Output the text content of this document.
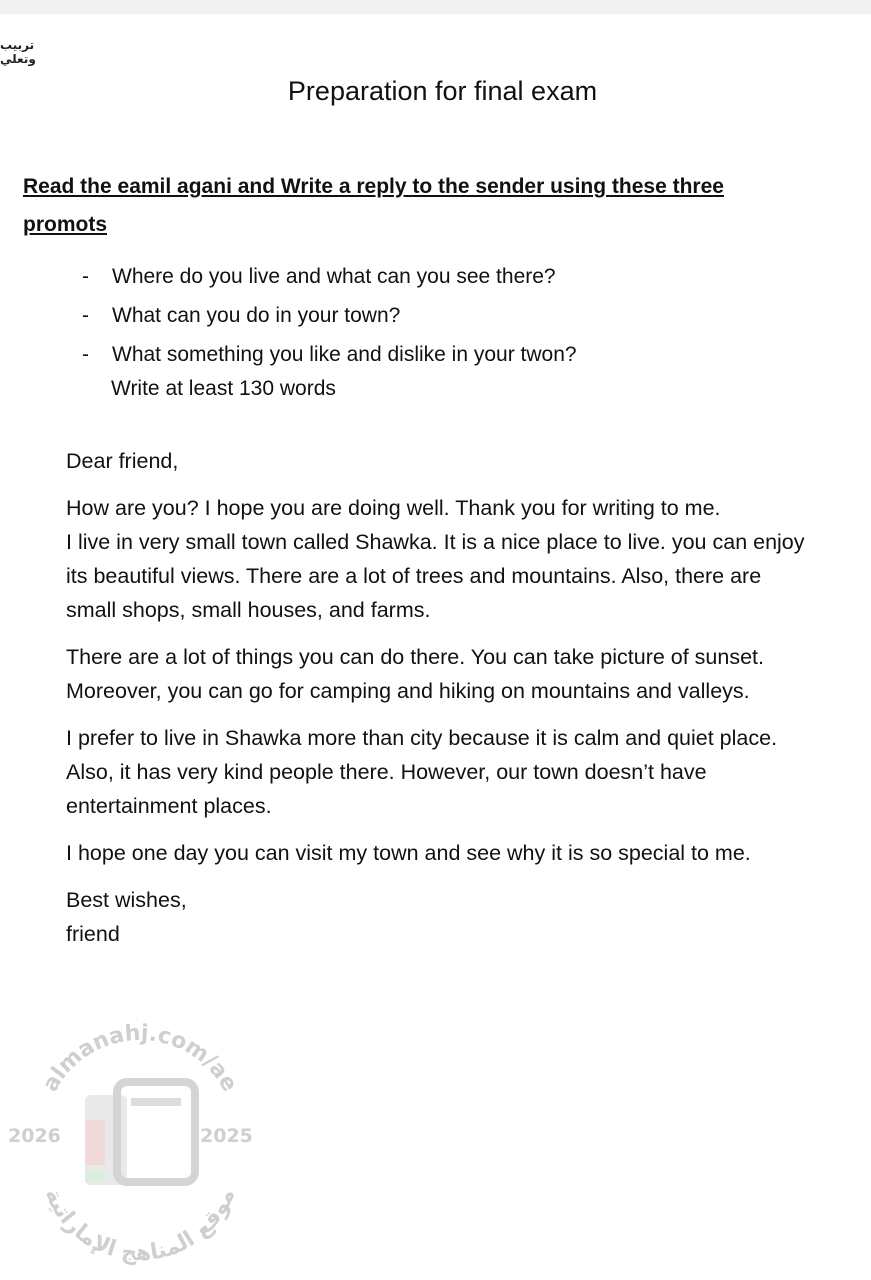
تربيب
وتعلي
Preparation for final exam

Read the eamil agani and Write a reply to the sender using these three promots

- Where do you live and what can you see there?
- What can you do in your town?
- What something you like and dislike in your twon?
Write at least 130 words

Dear friend,

How are you? I hope you are doing well. Thank you for writing to me.

I live in very small town called Shawka. It is a nice place to live. you can enjoy its beautiful views. There are a lot of trees and mountains. Also, there are small shops, small houses, and farms.

There are a lot of things you can do there. You can take picture of sunset. Moreover, you can go for camping and hiking on mountains and valleys.

I prefer to live in Shawka more than city because it is calm and quiet place. Also, it has very kind people there. However, our town doesn’t have entertainment places.

I hope one day you can visit my town and see why it is so special to me.

Best wishes,

friend

almanahj.com/ae
موقع المناهج الإماراتية
2026	2025
